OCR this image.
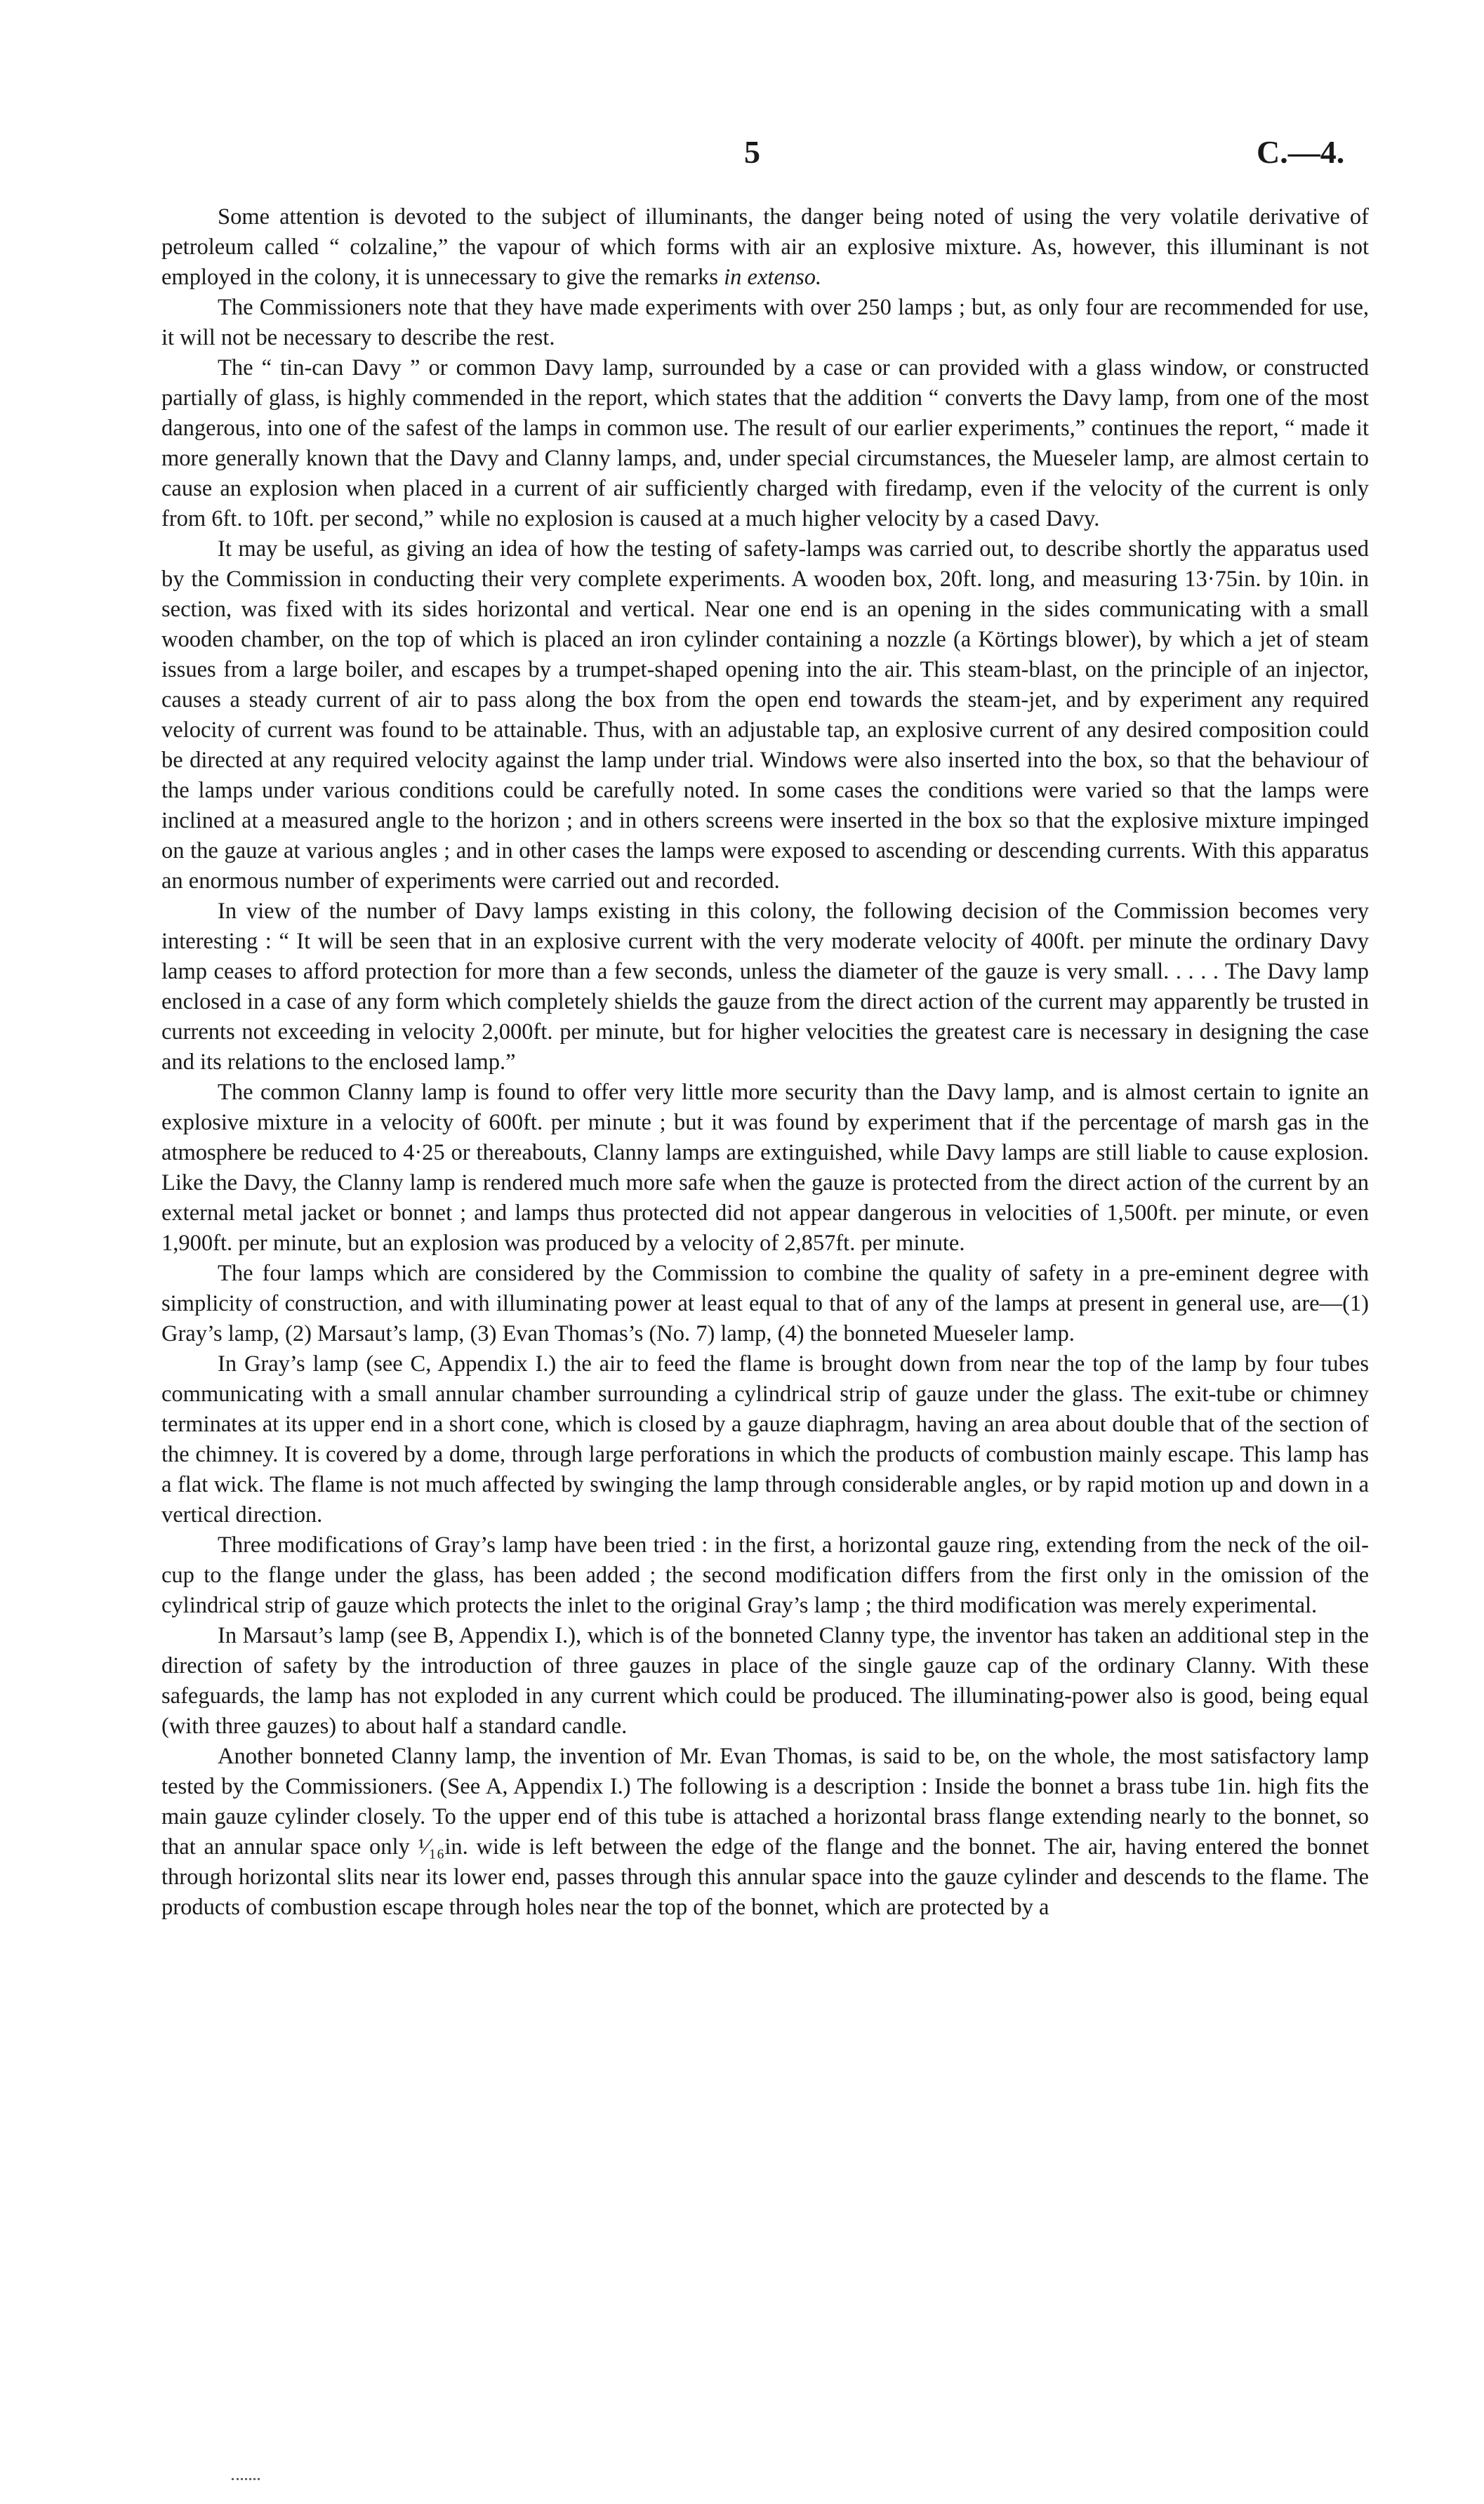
5	C.—4.

Some attention is devoted to the subject of illuminants, the danger being noted of using the very volatile derivative of petroleum called “ colzaline,” the vapour of which forms with air an explosive mixture. As, however, this illuminant is not employed in the colony, it is unnecessary to give the remarks in extenso.

The Commissioners note that they have made experiments with over 250 lamps ; but, as only four are recommended for use, it will not be necessary to describe the rest.

The “ tin-can Davy ” or common Davy lamp, surrounded by a case or can provided with a glass window, or constructed partially of glass, is highly commended in the report, which states that the addition “ converts the Davy lamp, from one of the most dangerous, into one of the safest of the lamps in common use. The result of our earlier experiments,” continues the report, “ made it more generally known that the Davy and Clanny lamps, and, under special circumstances, the Mueseler lamp, are almost certain to cause an explosion when placed in a current of air sufficiently charged with firedamp, even if the velocity of the current is only from 6ft. to 10ft. per second,” while no explosion is caused at a much higher velocity by a cased Davy.

It may be useful, as giving an idea of how the testing of safety-lamps was carried out, to describe shortly the apparatus used by the Commission in conducting their very complete experiments. A wooden box, 20ft. long, and measuring 13·75in. by 10in. in section, was fixed with its sides horizontal and vertical. Near one end is an opening in the sides communicating with a small wooden chamber, on the top of which is placed an iron cylinder containing a nozzle (a Körtings blower), by which a jet of steam issues from a large boiler, and escapes by a trumpet-shaped opening into the air. This steam-blast, on the principle of an injector, causes a steady current of air to pass along the box from the open end towards the steam-jet, and by experiment any required velocity of current was found to be attainable. Thus, with an adjustable tap, an explosive current of any desired composition could be directed at any required velocity against the lamp under trial. Windows were also inserted into the box, so that the behaviour of the lamps under various conditions could be carefully noted. In some cases the conditions were varied so that the lamps were inclined at a measured angle to the horizon ; and in others screens were inserted in the box so that the explosive mixture impinged on the gauze at various angles ; and in other cases the lamps were exposed to ascending or descending currents. With this apparatus an enormous number of experiments were carried out and recorded.

In view of the number of Davy lamps existing in this colony, the following decision of the Commission becomes very interesting : “ It will be seen that in an explosive current with the very moderate velocity of 400ft. per minute the ordinary Davy lamp ceases to afford protection for more than a few seconds, unless the diameter of the gauze is very small. . . . . The Davy lamp enclosed in a case of any form which completely shields the gauze from the direct action of the current may apparently be trusted in currents not exceeding in velocity 2,000ft. per minute, but for higher velocities the greatest care is necessary in designing the case and its relations to the enclosed lamp.”

The common Clanny lamp is found to offer very little more security than the Davy lamp, and is almost certain to ignite an explosive mixture in a velocity of 600ft. per minute ; but it was found by experiment that if the percentage of marsh gas in the atmosphere be reduced to 4·25 or thereabouts, Clanny lamps are extinguished, while Davy lamps are still liable to cause explosion. Like the Davy, the Clanny lamp is rendered much more safe when the gauze is protected from the direct action of the current by an external metal jacket or bonnet ; and lamps thus protected did not appear dangerous in velocities of 1,500ft. per minute, or even 1,900ft. per minute, but an explosion was produced by a velocity of 2,857ft. per minute.

The four lamps which are considered by the Commission to combine the quality of safety in a pre-eminent degree with simplicity of construction, and with illuminating power at least equal to that of any of the lamps at present in general use, are—(1) Gray’s lamp, (2) Marsaut’s lamp, (3) Evan Thomas’s (No. 7) lamp, (4) the bonneted Mueseler lamp.

In Gray’s lamp (see C, Appendix I.) the air to feed the flame is brought down from near the top of the lamp by four tubes communicating with a small annular chamber surrounding a cylindrical strip of gauze under the glass. The exit-tube or chimney terminates at its upper end in a short cone, which is closed by a gauze diaphragm, having an area about double that of the section of the chimney. It is covered by a dome, through large perforations in which the products of combustion mainly escape. This lamp has a flat wick. The flame is not much affected by swinging the lamp through considerable angles, or by rapid motion up and down in a vertical direction.

Three modifications of Gray’s lamp have been tried : in the first, a horizontal gauze ring, extending from the neck of the oil-cup to the flange under the glass, has been added ; the second modification differs from the first only in the omission of the cylindrical strip of gauze which protects the inlet to the original Gray’s lamp ; the third modification was merely experimental.

In Marsaut’s lamp (see B, Appendix I.), which is of the bonneted Clanny type, the inventor has taken an additional step in the direction of safety by the introduction of three gauzes in place of the single gauze cap of the ordinary Clanny. With these safeguards, the lamp has not exploded in any current which could be produced. The illuminating-power also is good, being equal (with three gauzes) to about half a standard candle.

Another bonneted Clanny lamp, the invention of Mr. Evan Thomas, is said to be, on the whole, the most satisfactory lamp tested by the Commissioners. (See A, Appendix I.) The following is a description : Inside the bonnet a brass tube 1in. high fits the main gauze cylinder closely. To the upper end of this tube is attached a horizontal brass flange extending nearly to the bonnet, so that an annular space only ¹⁄₁₆in. wide is left between the edge of the flange and the bonnet. The air, having entered the bonnet through horizontal slits near its lower end, passes through this annular space into the gauze cylinder and descends to the flame. The products of combustion escape through holes near the top of the bonnet, which are protected by a
